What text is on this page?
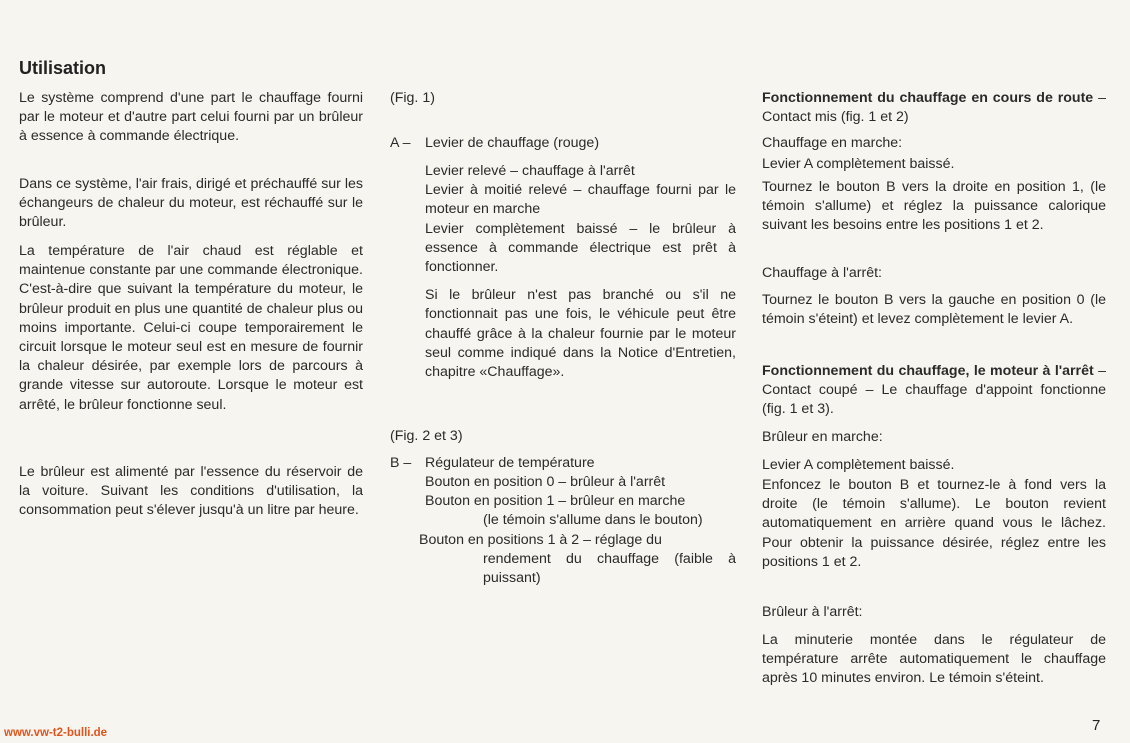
Utilisation

Le système comprend d'une part le chauffage fourni par le moteur et d'autre part celui fourni par un brûleur à essence à commande électrique.

Dans ce système, l'air frais, dirigé et préchauffé sur les échangeurs de chaleur du moteur, est réchauffé sur le brûleur.

La température de l'air chaud est réglable et maintenue constante par une commande électronique. C'est-à-dire que suivant la température du moteur, le brûleur produit en plus une quantité de chaleur plus ou moins importante. Celui-ci coupe temporairement le circuit lorsque le moteur seul est en mesure de fournir la chaleur désirée, par exemple lors de parcours à grande vitesse sur autoroute. Lorsque le moteur est arrêté, le brûleur fonctionne seul.

Le brûleur est alimenté par l'essence du réservoir de la voiture. Suivant les conditions d'utilisation, la consommation peut s'élever jusqu'à un litre par heure.

(Fig. 1)

A –	Levier de chauffage (rouge)

Levier relevé – chauffage à l'arrêt

Levier à moitié relevé – chauffage fourni par le moteur en marche

Levier complètement baissé – le brûleur à essence à commande électrique est prêt à fonctionner.

Si le brûleur n'est pas branché ou s'il ne fonctionnait pas une fois, le véhicule peut être chauffé grâce à la chaleur fournie par le moteur seul comme indiqué dans la Notice d'Entretien, chapitre «Chauffage».

(Fig. 2 et 3)

B – Régulateur de température

Bouton en position 0 – brûleur à l'arrêt

Bouton en position 1 – brûleur en marche

(le témoin s'allume dans le bouton)

Bouton en positions 1 à 2 – réglage du

rendement du chauffage (faible à puissant)

Fonctionnement du chauffage en cours de route – Contact mis (fig. 1 et 2)

Chauffage en marche:

Levier A complètement baissé.

Tournez le bouton B vers la droite en position 1, (le témoin s'allume) et réglez la puissance calorique suivant les besoins entre les positions 1 et 2.

Chauffage à l'arrêt:

Tournez le bouton B vers la gauche en position 0 (le témoin s'éteint) et levez complètement le levier A.

Fonctionnement du chauffage, le moteur à l'arrêt – Contact coupé – Le chauffage d'appoint fonctionne (fig. 1 et 3).

Brûleur en marche:

Levier A complètement baissé.

Enfoncez le bouton B et tournez-le à fond vers la droite (le témoin s'allume). Le bouton revient automatiquement en arrière quand vous le lâchez. Pour obtenir la puissance désirée, réglez entre les positions 1 et 2.

Brûleur à l'arrêt:

La minuterie montée dans le régulateur de température arrête automatiquement le chauffage après 10 minutes environ. Le témoin s'éteint.

www.vw-t2-bulli.de	7
